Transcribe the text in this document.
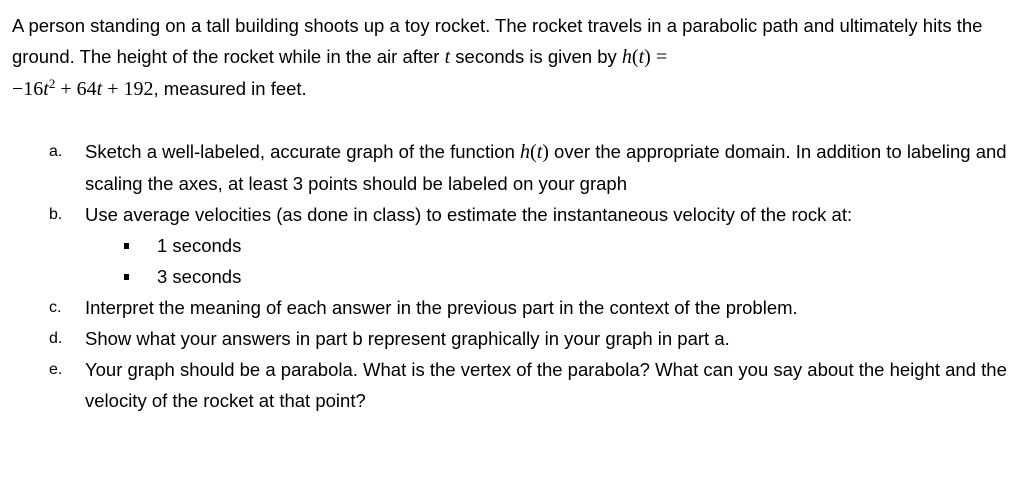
A person standing on a tall building shoots up a toy rocket. The rocket travels in a parabolic path and ultimately hits the ground. The height of the rocket while in the air after t seconds is given by h(t) =
$-16t^2 + 64t + 192$, measured in feet.

a. Sketch a well-labeled, accurate graph of the function h(t) over the appropriate domain. In addition to labeling and scaling the axes, at least 3 points should be labeled on your graph
b. Use average velocities (as done in class) to estimate the instantaneous velocity of the rock at:
1 seconds
3 seconds
c. Interpret the meaning of each answer in the previous part in the context of the problem.
d. Show what your answers in part b represent graphically in your graph in part a.
e. Your graph should be a parabola. What is the vertex of the parabola? What can you say about the height and the velocity of the rocket at that point?
